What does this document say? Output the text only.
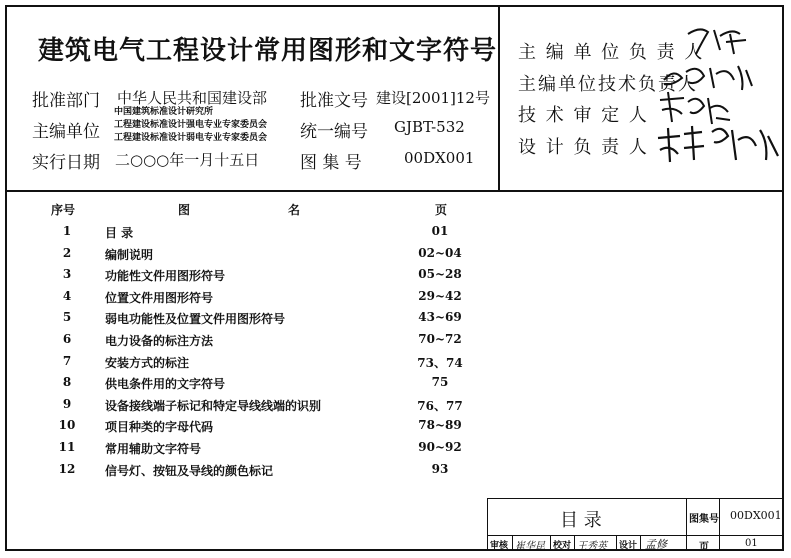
建筑电气工程设计常用图形和文字符号
批准部门 中华人民共和国建设部 批准文号 建设[2001]12号
主编单位
中国建筑标准设计研究所
工程建设标准设计强电专业专家委员会
工程建设标准设计弱电专业专家委员会 统一编号 GJBT-532
实行日期 二○○○年一月十五日 图 集 号	00DX001
主 编 单 位 负 责 人
主编单位技术负责人
技 术 审 定 人
设 计 负 责 人
序号	图	名	页
1	目 录	01
2	编制说明	02~04
3	功能性文件用图形符号	05~28
4	位置文件用图形符号	29~42
5	弱电功能性及位置文件用图形符号	43~69
6	电力设备的标注方法	70~72
7	安装方式的标注	73、74
8	供电条件用的文字符号	75
9	设备接线端子标记和特定导线线端的识别	76、77
10 项目种类的字母代码	78~89
11 常用辅助文字符号	90~92
12 信号灯、按钮及导线的颜色标记	93
目 录	图集号 00DX001
审核 崔华昆 校对 王秀英 设计 孟修	页	01
